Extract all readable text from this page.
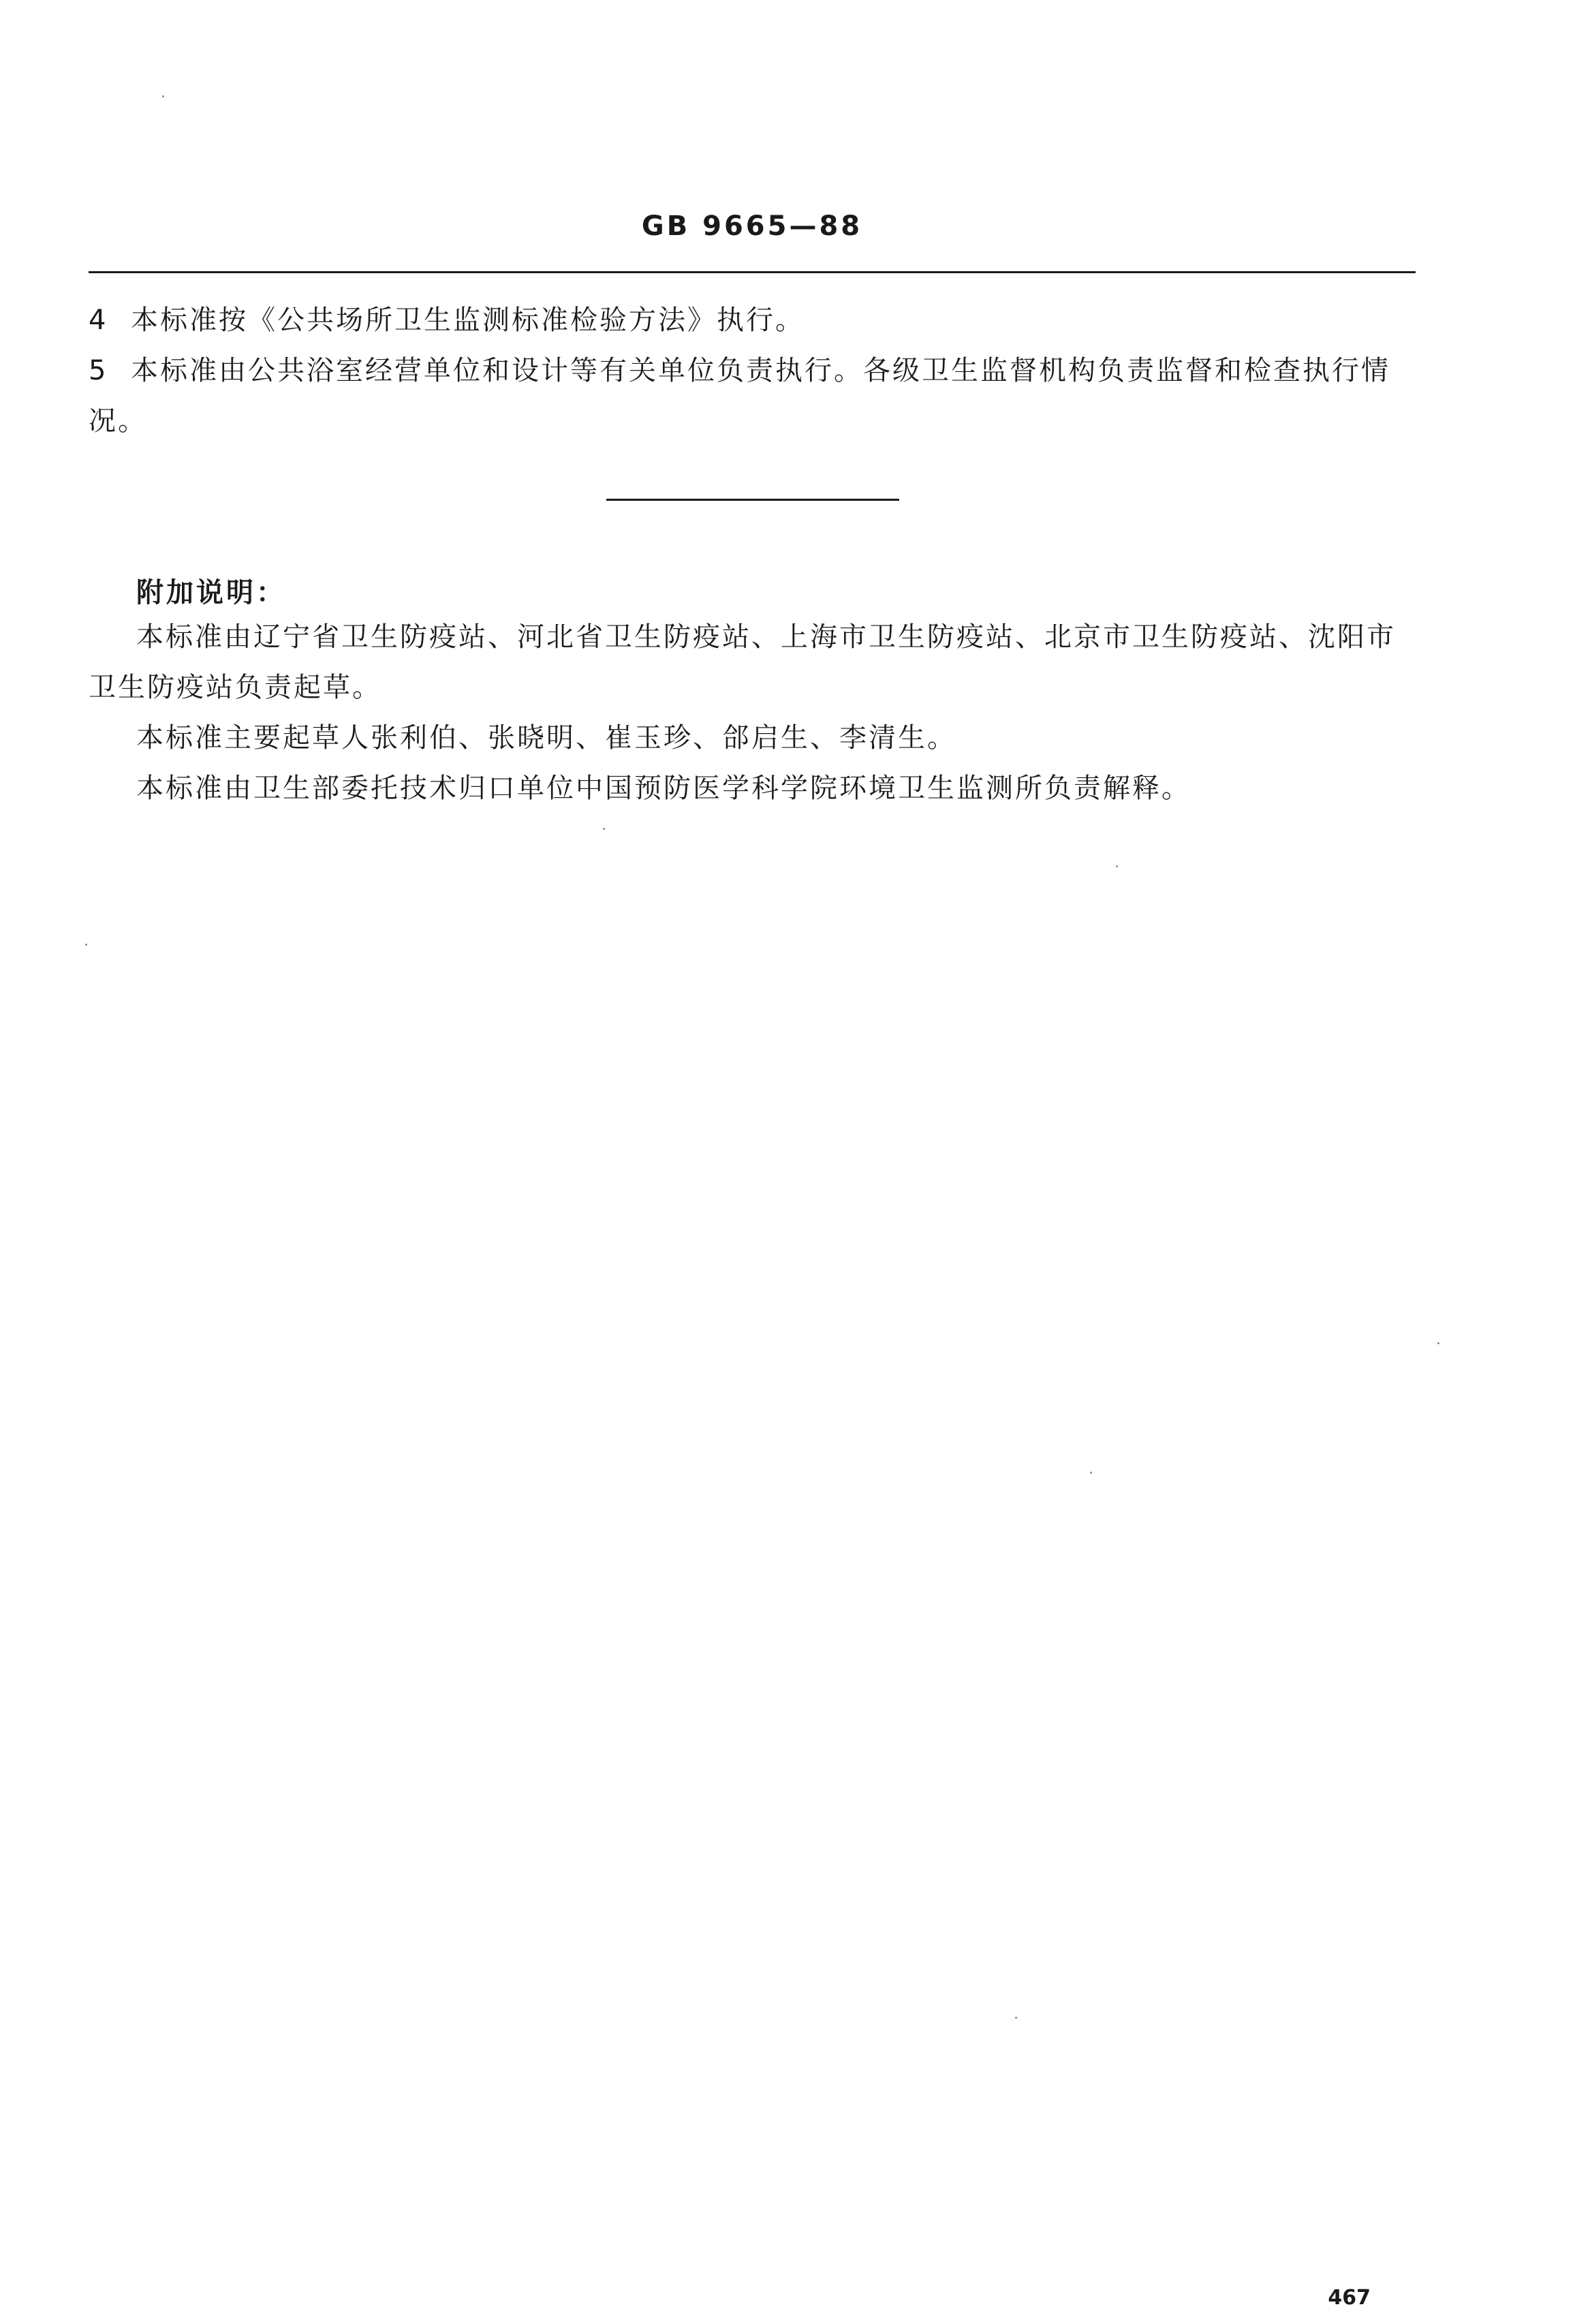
GB 9665—88
4 本标准按《公共场所卫生监测标准检验方法》执行。
5 本标准由公共浴室经营单位和设计等有关单位负责执行。各级卫生监督机构负责监督和检查执行情况。
附加说明：
本标准由辽宁省卫生防疫站、河北省卫生防疫站、上海市卫生防疫站、北京市卫生防疫站、沈阳市卫生防疫站负责起草。
本标准主要起草人张利伯、张晓明、崔玉珍、郃启生、李清生。
本标准由卫生部委托技术归口单位中国预防医学科学院环境卫生监测所负责解释。
467
